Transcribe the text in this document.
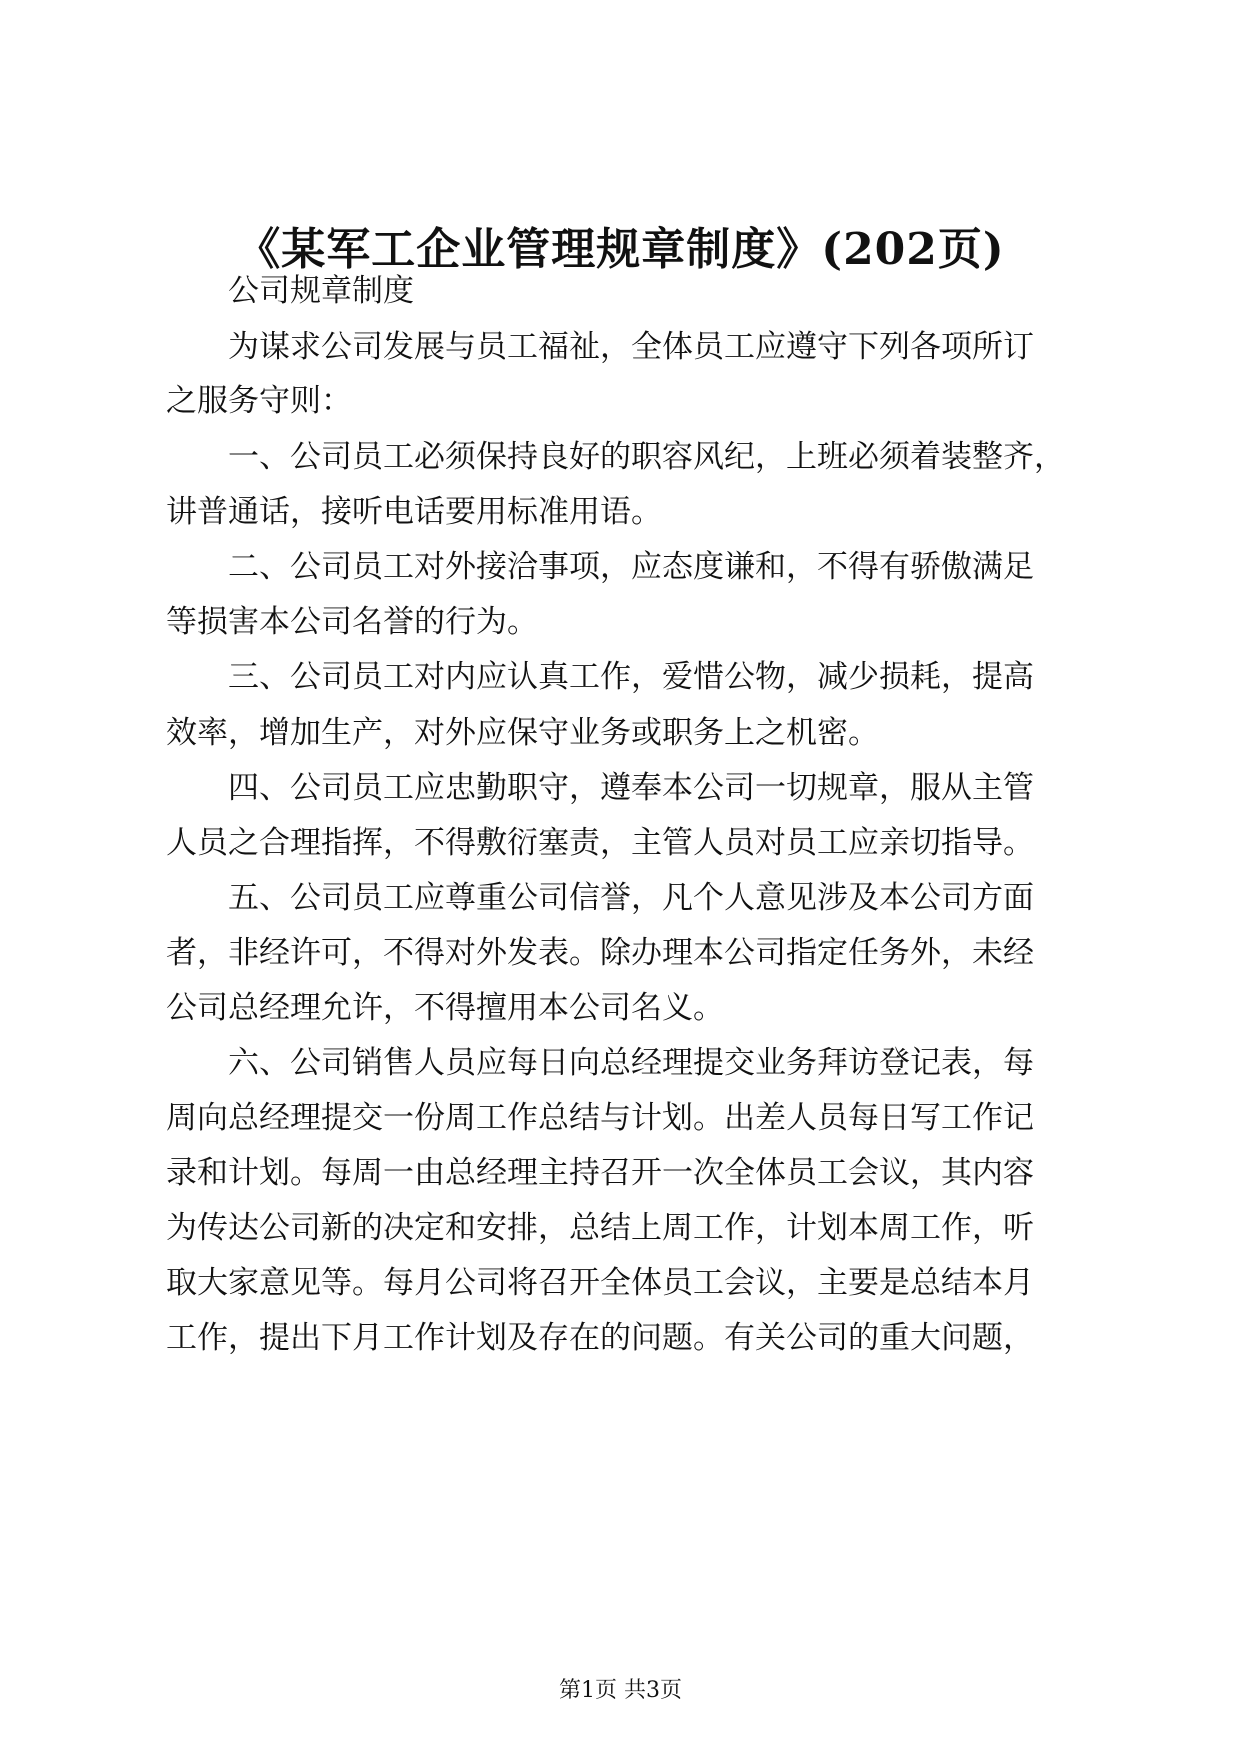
《某军工企业管理规章制度》(202页)
公司规章制度
为谋求公司发展与员工福祉，全体员工应遵守下列各项所订
之服务守则：
一、公司员工必须保持良好的职容风纪，上班必须着装整齐，
讲普通话，接听电话要用标准用语。
二、公司员工对外接洽事项，应态度谦和，不得有骄傲满足
等损害本公司名誉的行为。
三、公司员工对内应认真工作，爱惜公物，减少损耗，提高
效率，增加生产，对外应保守业务或职务上之机密。
四、公司员工应忠勤职守，遵奉本公司一切规章，服从主管
人员之合理指挥，不得敷衍塞责，主管人员对员工应亲切指导。
五、公司员工应尊重公司信誉，凡个人意见涉及本公司方面
者，非经许可，不得对外发表。除办理本公司指定任务外，未经
公司总经理允许，不得擅用本公司名义。
六、公司销售人员应每日向总经理提交业务拜访登记表，每
周向总经理提交一份周工作总结与计划。出差人员每日写工作记
录和计划。每周一由总经理主持召开一次全体员工会议，其内容
为传达公司新的决定和安排，总结上周工作，计划本周工作，听
取大家意见等。每月公司将召开全体员工会议，主要是总结本月
工作，提出下月工作计划及存在的问题。有关公司的重大问题，
第1页 共3页
